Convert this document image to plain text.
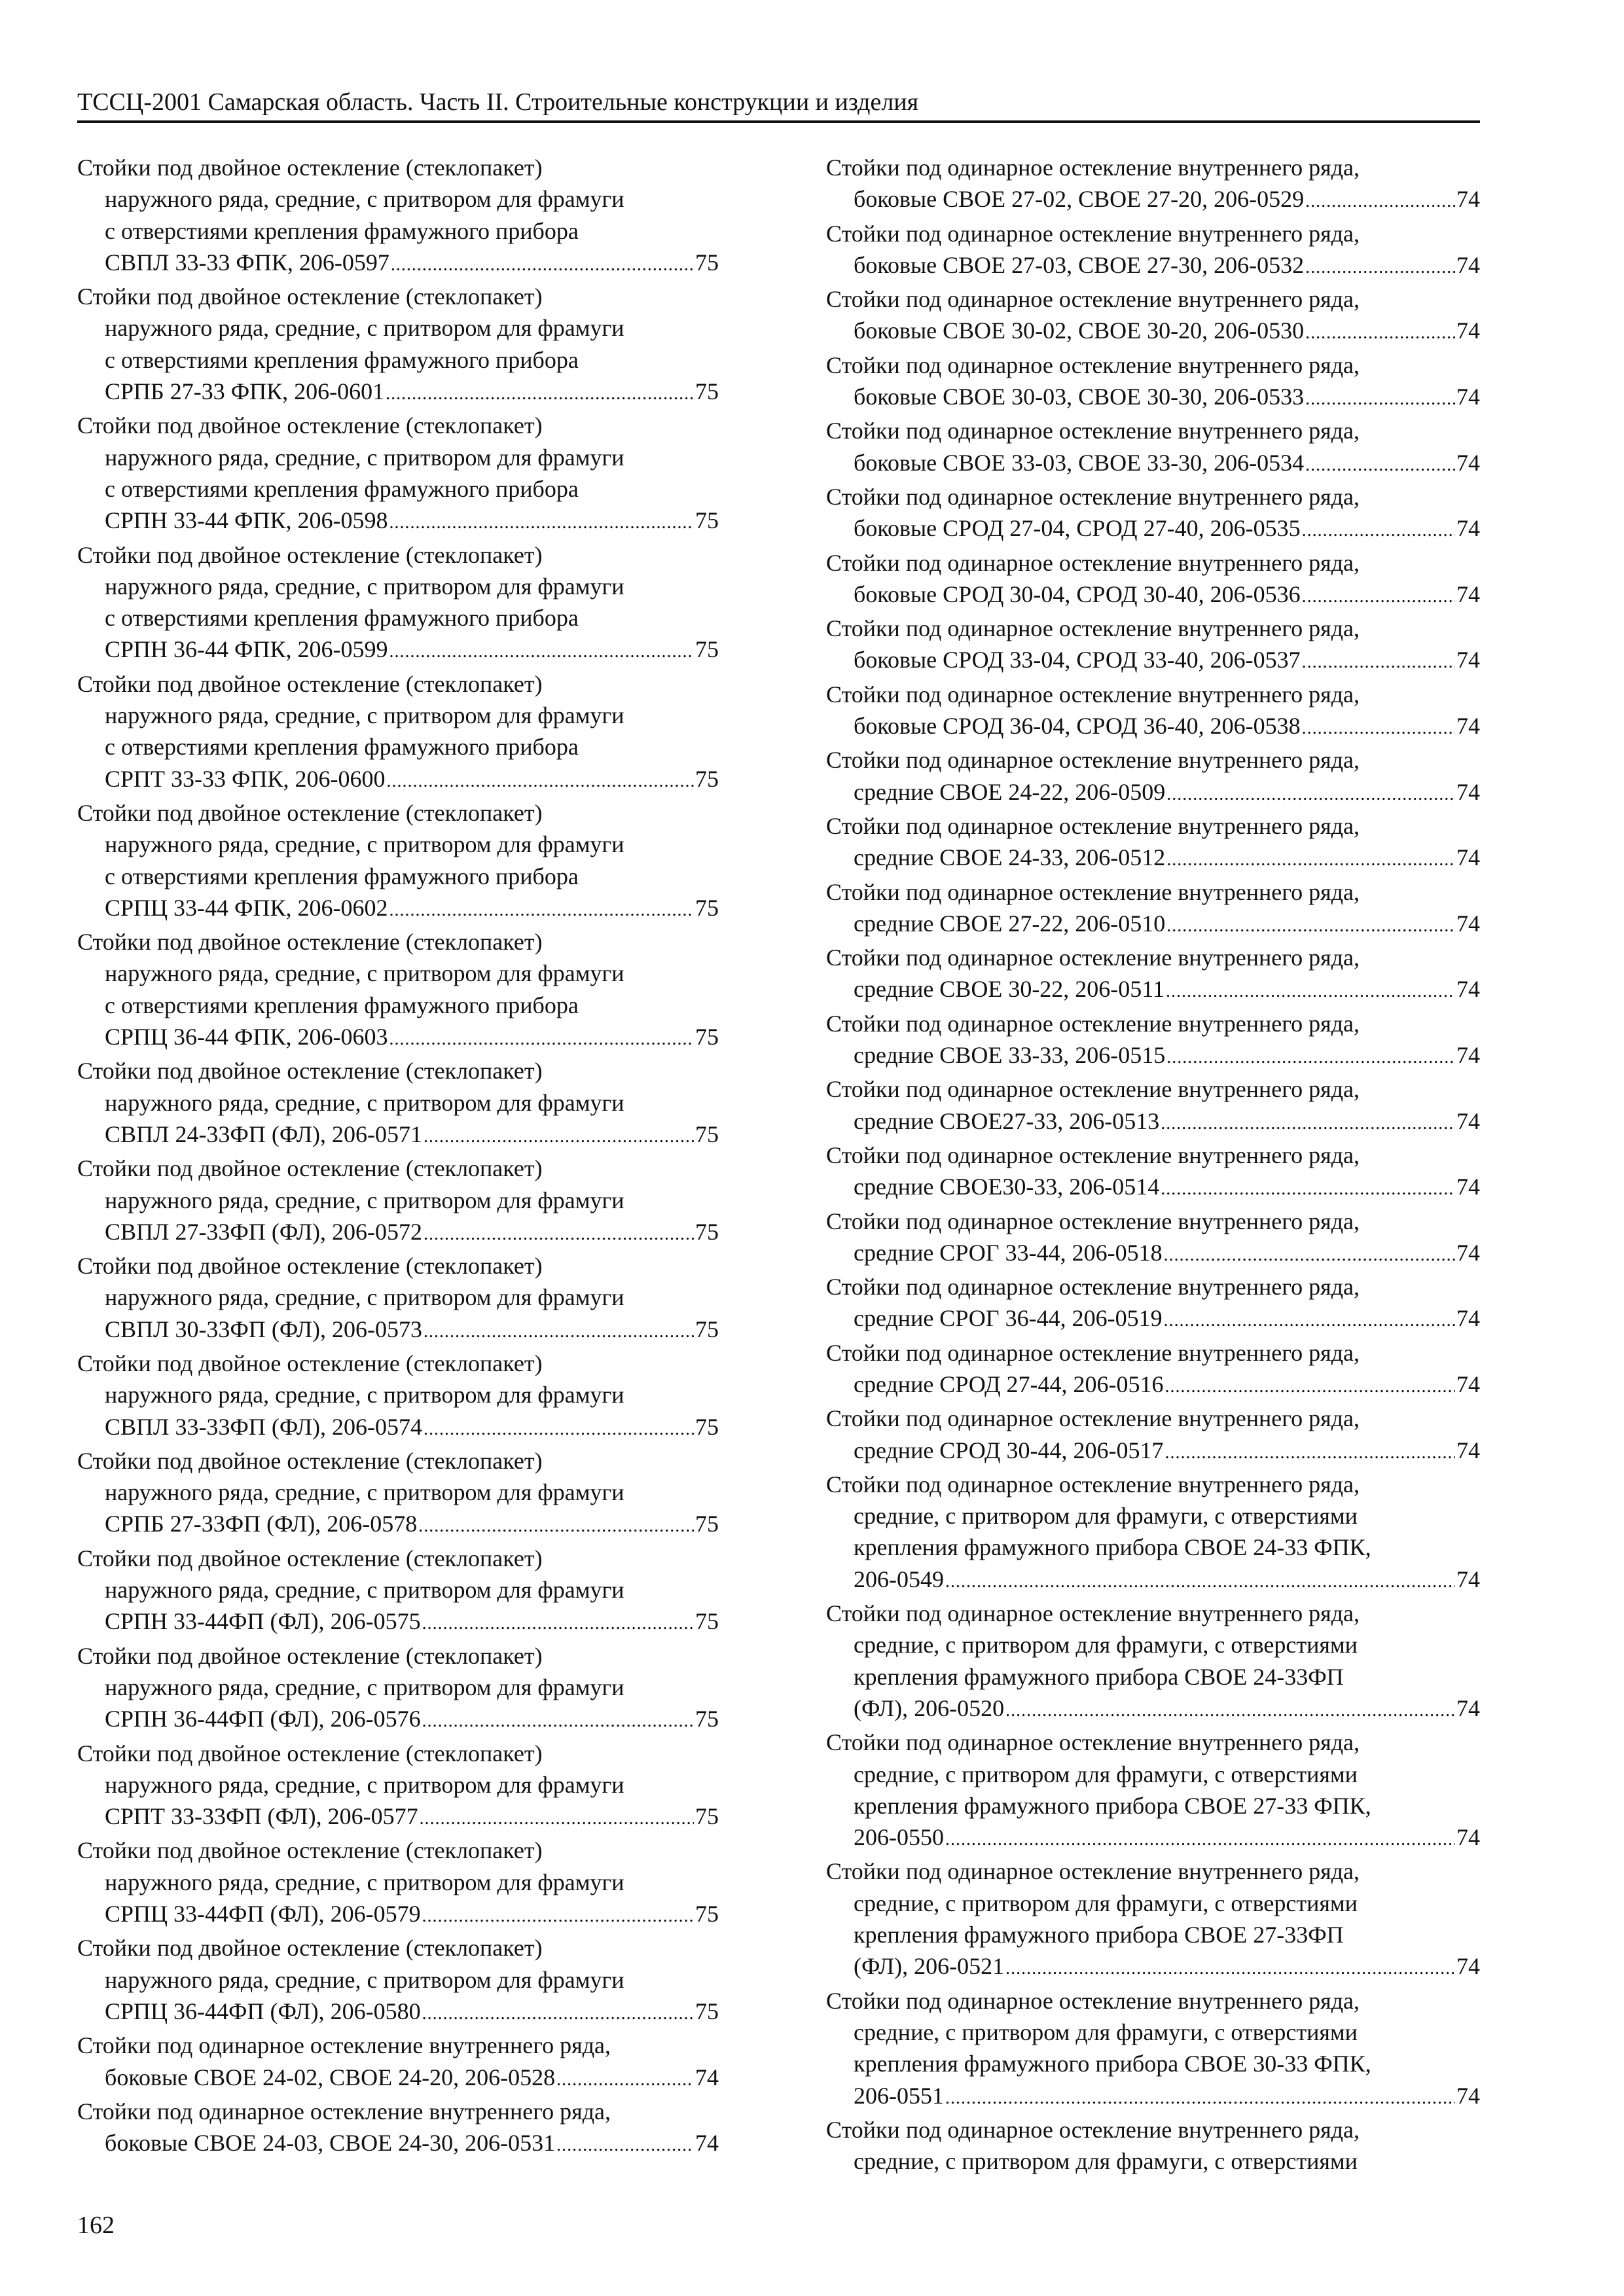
ТССЦ-2001 Самарская область. Часть II. Строительные конструкции и изделия
Стойки под двойное остекление (стеклопакет)
наружного ряда, средние, с притвором для фрамуги
с отверстиями крепления фрамужного прибора
СВПЛ 33-33 ФПК, 206-0597 .....	75
Стойки под двойное остекление (стеклопакет)
наружного ряда, средние, с притвором для фрамуги
с отверстиями крепления фрамужного прибора
СРПБ 27-33 ФПК, 206-0601 .....	75
Стойки под двойное остекление (стеклопакет)
наружного ряда, средние, с притвором для фрамуги
с отверстиями крепления фрамужного прибора
СРПН 33-44 ФПК, 206-0598 .....	75
Стойки под двойное остекление (стеклопакет)
наружного ряда, средние, с притвором для фрамуги
с отверстиями крепления фрамужного прибора
СРПН 36-44 ФПК, 206-0599 .....	75
Стойки под двойное остекление (стеклопакет)
наружного ряда, средние, с притвором для фрамуги
с отверстиями крепления фрамужного прибора
СРПТ 33-33 ФПК, 206-0600 .....	75
Стойки под двойное остекление (стеклопакет)
наружного ряда, средние, с притвором для фрамуги
с отверстиями крепления фрамужного прибора
СРПЦ 33-44 ФПК, 206-0602 .....	75
Стойки под двойное остекление (стеклопакет)
наружного ряда, средние, с притвором для фрамуги
с отверстиями крепления фрамужного прибора
СРПЦ 36-44 ФПК, 206-0603 .....	75
Стойки под двойное остекление (стеклопакет)
наружного ряда, средние, с притвором для фрамуги
СВПЛ 24-33ФП (ФЛ), 206-0571 .....	75
Стойки под двойное остекление (стеклопакет)
наружного ряда, средние, с притвором для фрамуги
СВПЛ 27-33ФП (ФЛ), 206-0572 .....	75
Стойки под двойное остекление (стеклопакет)
наружного ряда, средние, с притвором для фрамуги
СВПЛ 30-33ФП (ФЛ), 206-0573 .....	75
Стойки под двойное остекление (стеклопакет)
наружного ряда, средние, с притвором для фрамуги
СВПЛ 33-33ФП (ФЛ), 206-0574 .....	75
Стойки под двойное остекление (стеклопакет)
наружного ряда, средние, с притвором для фрамуги
СРПБ 27-33ФП (ФЛ), 206-0578 .....	75
Стойки под двойное остекление (стеклопакет)
наружного ряда, средние, с притвором для фрамуги
СРПН 33-44ФП (ФЛ), 206-0575 .....	75
Стойки под двойное остекление (стеклопакет)
наружного ряда, средние, с притвором для фрамуги
СРПН 36-44ФП (ФЛ), 206-0576 .....	75
Стойки под двойное остекление (стеклопакет)
наружного ряда, средние, с притвором для фрамуги
СРПТ 33-33ФП (ФЛ), 206-0577 .....	75
Стойки под двойное остекление (стеклопакет)
наружного ряда, средние, с притвором для фрамуги
СРПЦ 33-44ФП (ФЛ), 206-0579 .....	75
Стойки под двойное остекление (стеклопакет)
наружного ряда, средние, с притвором для фрамуги
СРПЦ 36-44ФП (ФЛ), 206-0580 .....	75
Стойки под одинарное остекление внутреннего ряда,
боковые СВОЕ 24-02, СВОЕ 24-20, 206-0528 .....	74
Стойки под одинарное остекление внутреннего ряда,
боковые СВОЕ 24-03, СВОЕ 24-30, 206-0531 .....	74
Стойки под одинарное остекление внутреннего ряда,
боковые СВОЕ 27-02, СВОЕ 27-20, 206-0529 .....	74
Стойки под одинарное остекление внутреннего ряда,
боковые СВОЕ 27-03, СВОЕ 27-30, 206-0532 .....	74
Стойки под одинарное остекление внутреннего ряда,
боковые СВОЕ 30-02, СВОЕ 30-20, 206-0530 .....	74
Стойки под одинарное остекление внутреннего ряда,
боковые СВОЕ 30-03, СВОЕ 30-30, 206-0533 .....	74
Стойки под одинарное остекление внутреннего ряда,
боковые СВОЕ 33-03, СВОЕ 33-30, 206-0534 .....	74
Стойки под одинарное остекление внутреннего ряда,
боковые СРОД 27-04, СРОД 27-40, 206-0535 .....	74
Стойки под одинарное остекление внутреннего ряда,
боковые СРОД 30-04, СРОД 30-40, 206-0536 .....	74
Стойки под одинарное остекление внутреннего ряда,
боковые СРОД 33-04, СРОД 33-40, 206-0537 .....	74
Стойки под одинарное остекление внутреннего ряда,
боковые СРОД 36-04, СРОД 36-40, 206-0538 .....	74
Стойки под одинарное остекление внутреннего ряда,
средние СВОЕ 24-22, 206-0509 .....	74
Стойки под одинарное остекление внутреннего ряда,
средние СВОЕ 24-33, 206-0512 .....	74
Стойки под одинарное остекление внутреннего ряда,
средние СВОЕ 27-22, 206-0510 .....	74
Стойки под одинарное остекление внутреннего ряда,
средние СВОЕ 30-22, 206-0511 .....	74
Стойки под одинарное остекление внутреннего ряда,
средние СВОЕ 33-33, 206-0515 .....	74
Стойки под одинарное остекление внутреннего ряда,
средние СВОЕ27-33, 206-0513 .....	74
Стойки под одинарное остекление внутреннего ряда,
средние СВОЕ30-33, 206-0514 .....	74
Стойки под одинарное остекление внутреннего ряда,
средние СРОГ 33-44, 206-0518 .....	74
Стойки под одинарное остекление внутреннего ряда,
средние СРОГ 36-44, 206-0519 .....	74
Стойки под одинарное остекление внутреннего ряда,
средние СРОД 27-44, 206-0516 .....	74
Стойки под одинарное остекление внутреннего ряда,
средние СРОД 30-44, 206-0517 .....	74
Стойки под одинарное остекление внутреннего ряда,
средние, с притвором для фрамуги, с отверстиями
крепления фрамужного прибора СВОЕ 24-33 ФПК,
206-0549 .....	74
Стойки под одинарное остекление внутреннего ряда,
средние, с притвором для фрамуги, с отверстиями
крепления фрамужного прибора СВОЕ 24-33ФП
(ФЛ), 206-0520 .....	74
Стойки под одинарное остекление внутреннего ряда,
средние, с притвором для фрамуги, с отверстиями
крепления фрамужного прибора СВОЕ 27-33 ФПК,
206-0550 .....	74
Стойки под одинарное остекление внутреннего ряда,
средние, с притвором для фрамуги, с отверстиями
крепления фрамужного прибора СВОЕ 27-33ФП
(ФЛ), 206-0521 .....	74
Стойки под одинарное остекление внутреннего ряда,
средние, с притвором для фрамуги, с отверстиями
крепления фрамужного прибора СВОЕ 30-33 ФПК,
206-0551 .....	74
Стойки под одинарное остекление внутреннего ряда,
средние, с притвором для фрамуги, с отверстиями
162
